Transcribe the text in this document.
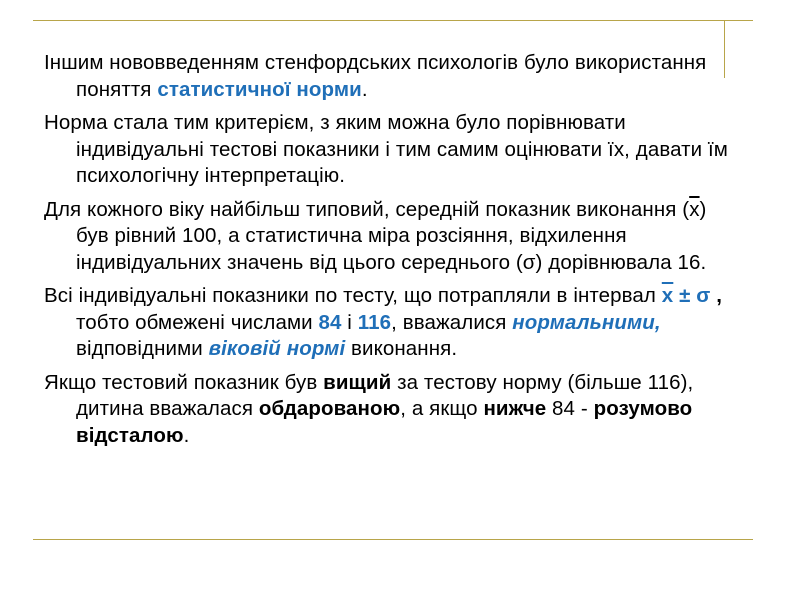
Іншим нововведенням стенфордських психологів було використання поняття статистичної норми.

Норма стала тим критерієм, з яким можна було порівнювати індивідуальні тестові показники і тим самим оцінювати їх, давати їм психологічну інтерпретацію.

Для кожного віку найбільш типовий, середній показник виконання $(\overline{x})$ був рівний 100, а статистична міра розсіяння, відхилення індивідуальних значень від цього середнього (σ) дорівнювала 16.

Всі індивідуальні показники по тесту, що потрапляли в інтервал $\overline{x} \pm \sigma$ , тобто обмежені числами 84 і 116, вважалися нормальними, відповідними віковій нормі виконання.

Якщо тестовий показник був вищий за тестову норму (більше 116), дитина вважалася обдарованою, а якщо нижче 84 - розумово відсталою.
